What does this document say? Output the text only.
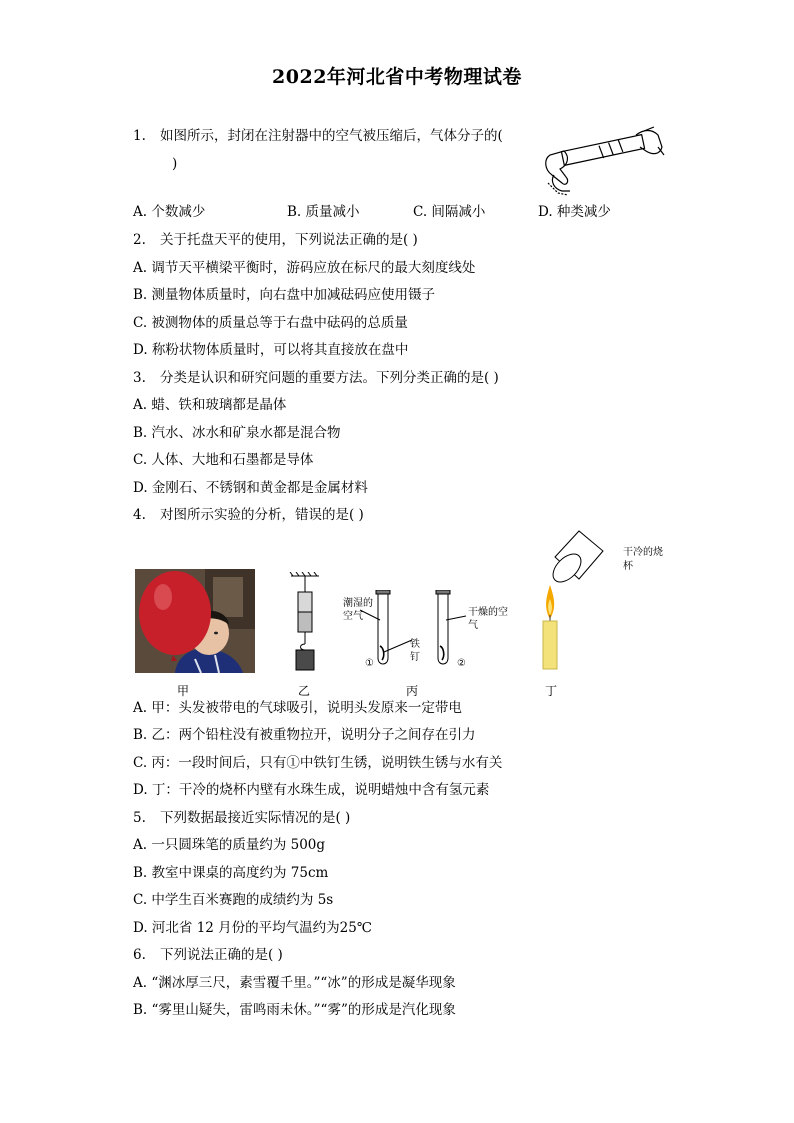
2022年河北省中考物理试卷
1. 如图所示，封闭在注射器中的空气被压缩后，气体分子的(
)
A. 个数减少	B. 质量减小	C. 间隔减小	D. 种类减少
2. 关于托盘天平的使用，下列说法正确的是( )
A. 调节天平横梁平衡时，游码应放在标尺的最大刻度线处
B. 测量物体质量时，向右盘中加减砝码应使用镊子
C. 被测物体的质量总等于右盘中砝码的总质量
D. 称粉状物体质量时，可以将其直接放在盘中
3. 分类是认识和研究问题的重要方法。下列分类正确的是( )
A. 蜡、铁和玻璃都是晶体
B. 汽水、冰水和矿泉水都是混合物
C. 人体、大地和石墨都是导体
D. 金刚石、不锈钢和黄金都是金属材料
4. 对图所示实验的分析，错误的是( )
潮湿的空气
铁钉
干燥的空气
①	②
干冷的烧杯
甲	乙	丙	丁
A. 甲：头发被带电的气球吸引，说明头发原来一定带电
B. 乙：两个铅柱没有被重物拉开，说明分子之间存在引力
C. 丙：一段时间后，只有①中铁钉生锈，说明铁生锈与水有关
D. 丁：干冷的烧杯内壁有水珠生成，说明蜡烛中含有氢元素
5. 下列数据最接近实际情况的是( )
A. 一只圆珠笔的质量约为 500g
B. 教室中课桌的高度约为 75cm
C. 中学生百米赛跑的成绩约为 5s
D. 河北省 12 月份的平均气温约为25℃
6. 下列说法正确的是( )
A. “渊冰厚三尺，素雪覆千里。”“冰”的形成是凝华现象
B. “雾里山疑失，雷鸣雨未休。”“雾”的形成是汽化现象
